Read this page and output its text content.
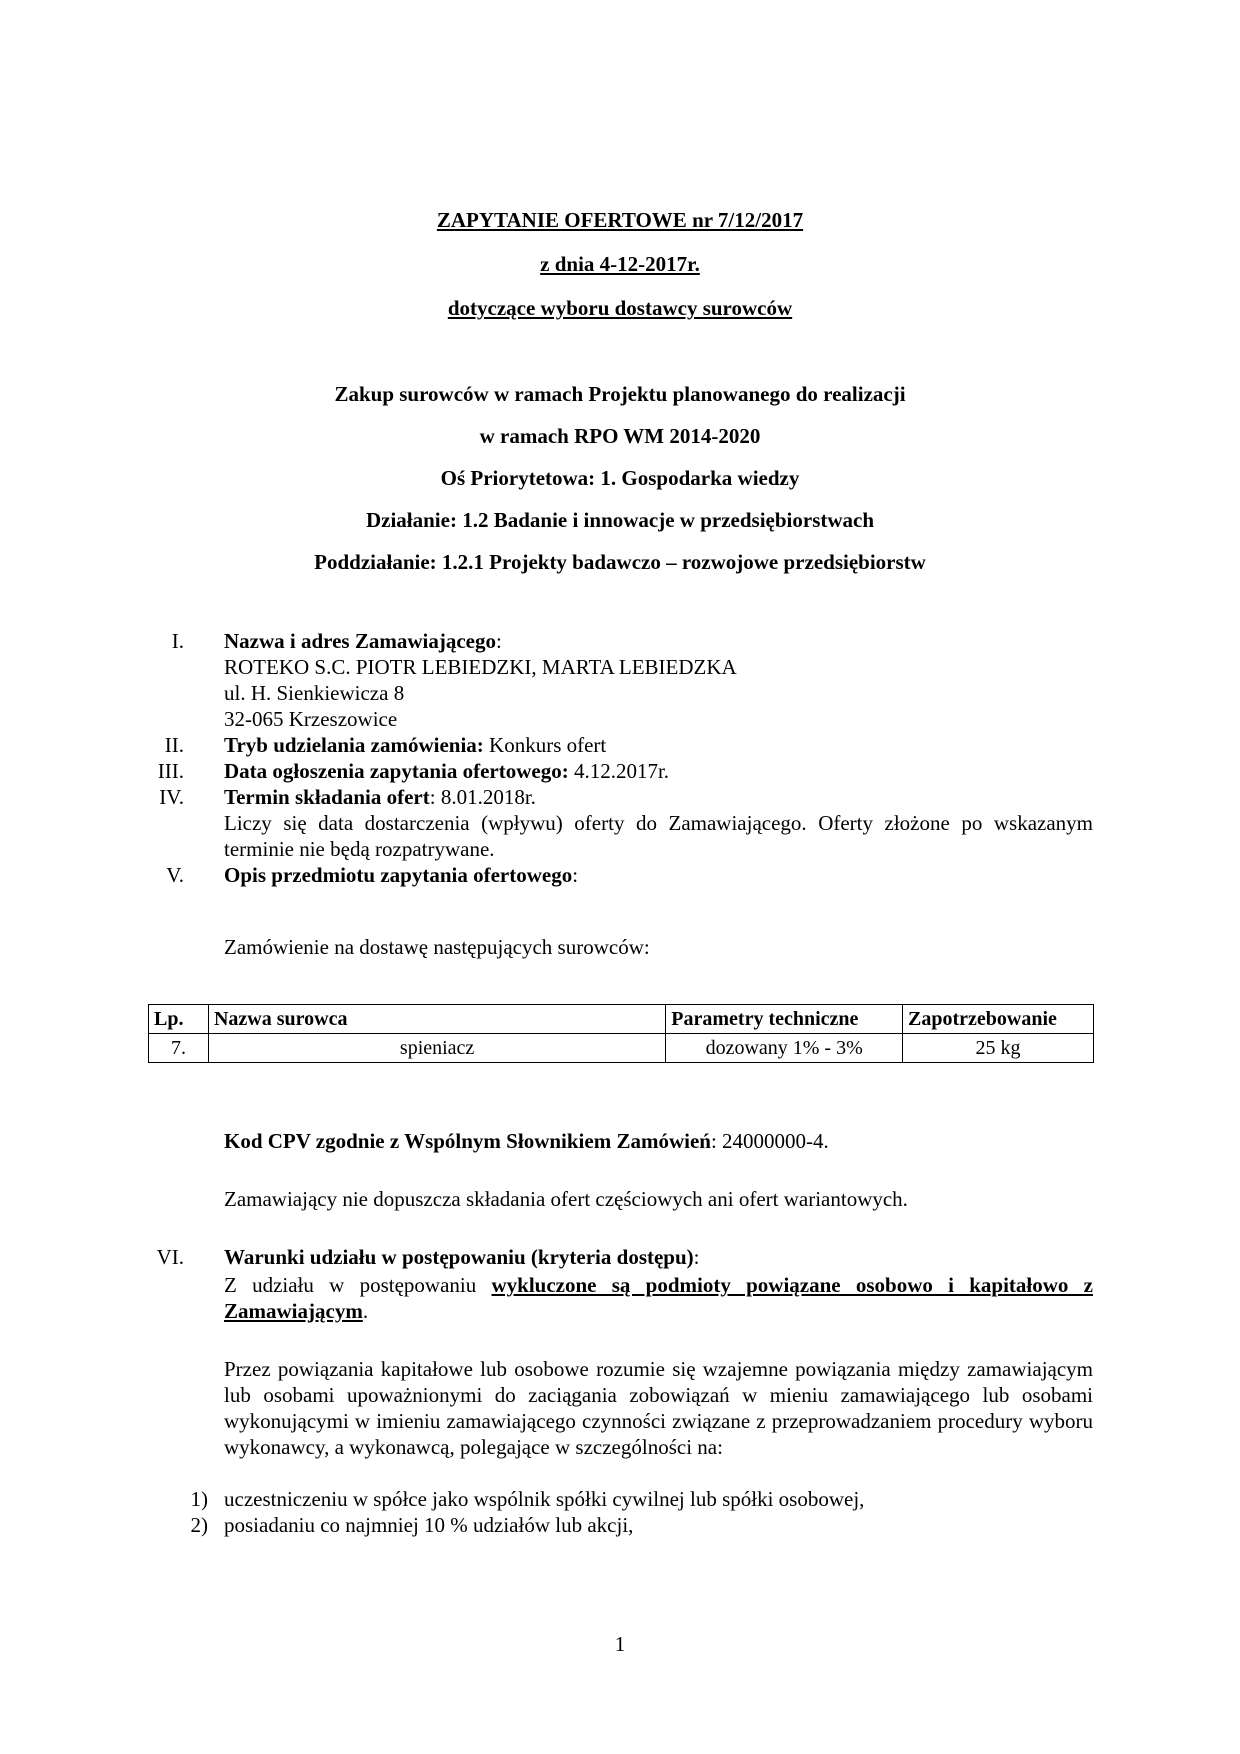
ZAPYTANIE OFERTOWE nr 7/12/2017
z dnia 4-12-2017r.
dotyczące wyboru dostawcy surowców
Zakup surowców w ramach Projektu planowanego do realizacji
w ramach RPO WM 2014-2020
Oś Priorytetowa: 1. Gospodarka wiedzy
Działanie: 1.2 Badanie i innowacje w przedsiębiorstwach
Poddziałanie: 1.2.1 Projekty badawczo – rozwojowe przedsiębiorstw
I. Nazwa i adres Zamawiającego:
ROTEKO S.C. PIOTR LEBIEDZKI, MARTA LEBIEDZKA
ul. H. Sienkiewicza 8
32-065 Krzeszowice
II. Tryb udzielania zamówienia: Konkurs ofert
III. Data ogłoszenia zapytania ofertowego: 4.12.2017r.
IV. Termin składania ofert: 8.01.2018r.
Liczy się data dostarczenia (wpływu) oferty do Zamawiającego. Oferty złożone po wskazanym terminie nie będą rozpatrywane.
V. Opis przedmiotu zapytania ofertowego:
Zamówienie na dostawę następujących surowców:
Lp.	Nazwa surowca	Parametry techniczne	Zapotrzebowanie
7.	spieniacz	dozowany 1% - 3%	25 kg
Kod CPV zgodnie z Wspólnym Słownikiem Zamówień: 24000000-4.
Zamawiający nie dopuszcza składania ofert częściowych ani ofert wariantowych.
VI. Warunki udziału w postępowaniu (kryteria dostępu):
Z udziału w postępowaniu wykluczone są podmioty powiązane osobowo i kapitałowo z Zamawiającym.
Przez powiązania kapitałowe lub osobowe rozumie się wzajemne powiązania między zamawiającym lub osobami upoważnionymi do zaciągania zobowiązań w mieniu zamawiającego lub osobami wykonującymi w imieniu zamawiającego czynności związane z przeprowadzaniem procedury wyboru wykonawcy, a wykonawcą, polegające w szczególności na:
1) uczestniczeniu w spółce jako wspólnik spółki cywilnej lub spółki osobowej,
2) posiadaniu co najmniej 10 % udziałów lub akcji,
1
